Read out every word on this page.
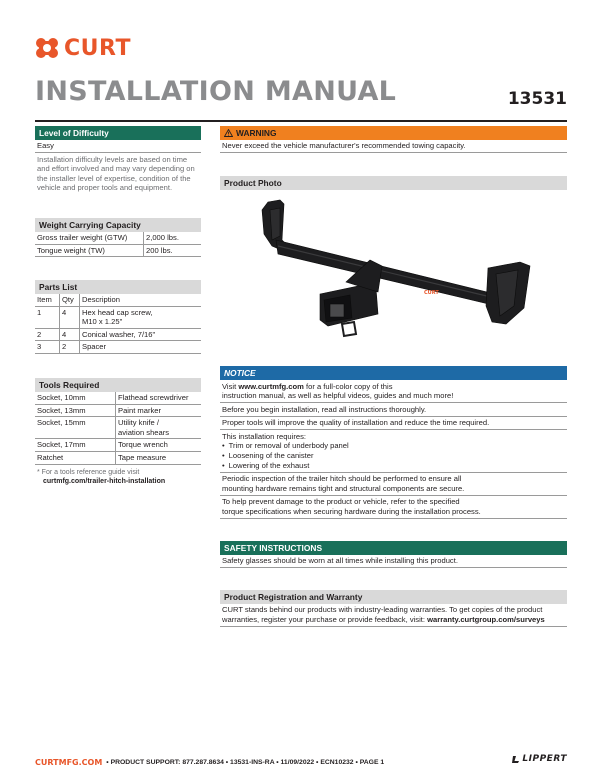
CURT
INSTALLATION MANUAL	13531
Level of Difficulty
Easy
Installation difficulty levels are based on time and effort involved and may vary depending on the installer level of expertise, condition of the vehicle and proper tools and equipment.
Weight Carrying Capacity
Gross trailer weight (GTW)	2,000 lbs.
Tongue weight (TW)	200 lbs.
Parts List
Item	Qty	Description
1	4	Hex head cap screw,
M10 x 1.25"

2	4	Conical washer, 7/16"
3	2	Spacer
Tools Required
Socket, 10mm	Flathead screwdriver
Socket, 13mm	Paint marker
Socket, 15mm	Utility knife /
aviation shears

Socket, 17mm	Torque wrench
Ratchet	Tape measure
* For a tools reference guide visit
curtmfg.com/trailer-hitch-installation
WARNING
Never exceed the vehicle manufacturer's recommended towing capacity.
Product Photo
CURT
NOTICE
Visit www.curtmfg.com for a full-color copy of this
instruction manual, as well as helpful videos, guides and much more!
Before you begin installation, read all instructions thoroughly.
Proper tools will improve the quality of installation and reduce the time required.
This installation requires:
• Trim or removal of underbody panel
• Loosening of the canister
• Lowering of the exhaust
Periodic inspection of the trailer hitch should be performed to ensure all
mounting hardware remains tight and structural components are secure.
To help prevent damage to the product or vehicle, refer to the specified
torque specifications when securing hardware during the installation process.
SAFETY INSTRUCTIONS
Safety glasses should be worn at all times while installing this product.
Product Registration and Warranty
CURT stands behind our products with industry-leading warranties. To get copies of the product
warranties, register your purchase or provide feedback, visit: warranty.curtgroup.com/surveys
CURTMFG.COM • PRODUCT SUPPORT: 877.287.8634 • 13531-INS-RA • 11/09/2022 • ECN10232 • PAGE 1	LIPPERT
